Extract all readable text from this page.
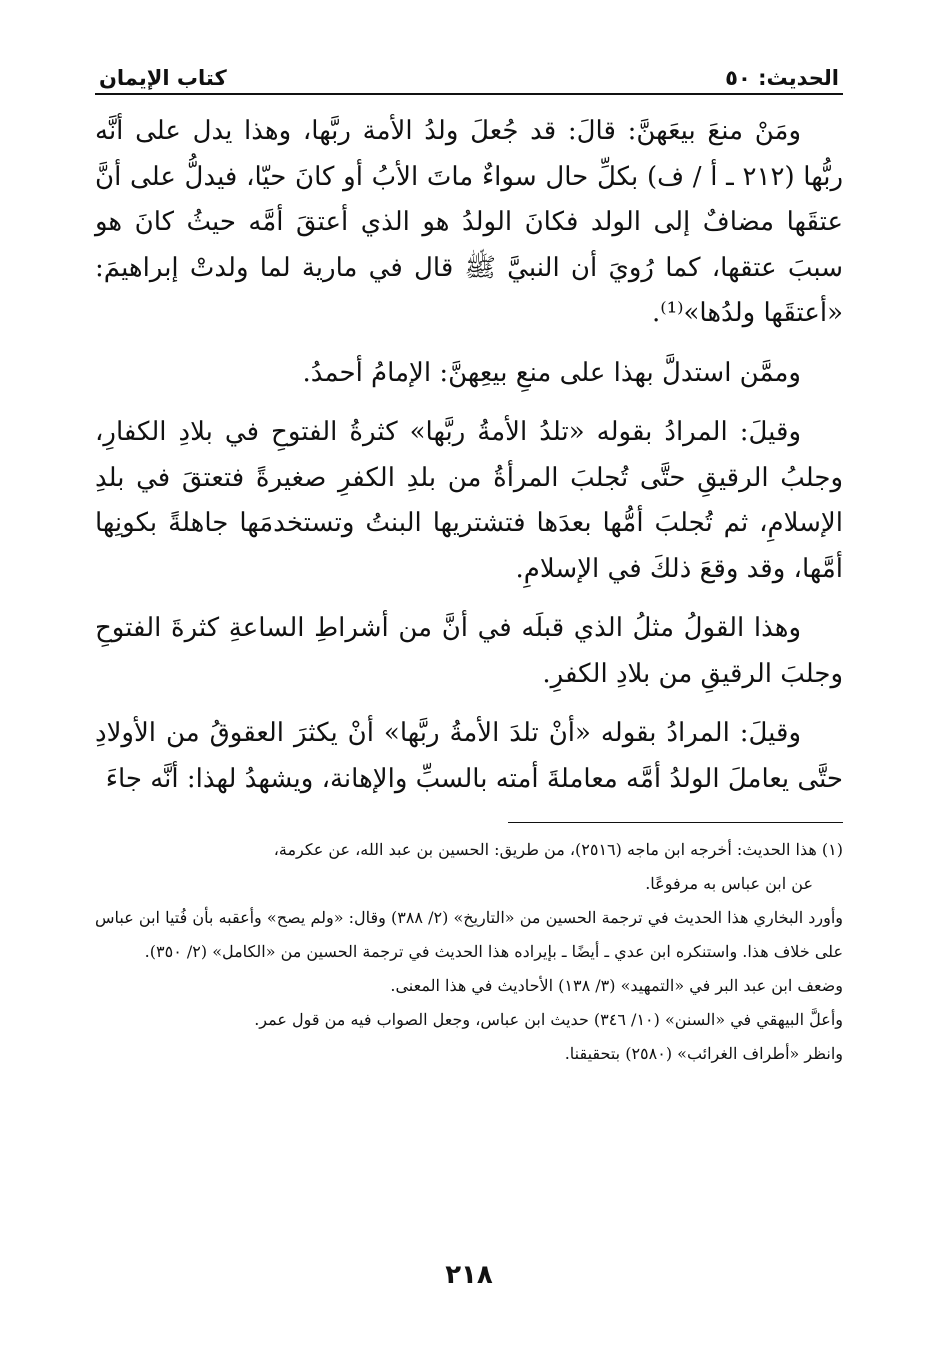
الحديث: ٥٠
كتاب الإيمان

ومَنْ منعَ بيعَهنَّ: قالَ: قد جُعلَ ولدُ الأمة ربَّها، وهذا يدل على أنَّه ربُّها (٢١٢ ـ أ / ف) بكلِّ حال سواءٌ ماتَ الأبُ أو كانَ حيّا، فيدلُّ على أنَّ عتقَها مضافٌ إلى الولد فكانَ الولدُ هو الذي أعتقَ أمَّه حيثُ كانَ هو سببَ عتقها، كما رُويَ أن النبيَّ ﷺ قال في مارية لما ولدتْ إبراهيمَ: «أعتقَها ولدُها»⁽¹⁾.

وممَّن استدلَّ بهذا على منعِ بيعِهنَّ: الإمامُ أحمدُ.

وقيلَ: المرادُ بقوله «تلدُ الأمةُ ربَّها» كثرةُ الفتوحِ في بلادِ الكفارِ، وجلبُ الرقيقِ حتَّى تُجلبَ المرأةُ من بلدِ الكفرِ صغيرةً فتعتقَ في بلدِ الإسلامِ، ثم تُجلبَ أمُّها بعدَها فتشتريها البنتُ وتستخدمَها جاهلةً بكونِها أمَّها، وقد وقعَ ذلكَ في الإسلامِ.

وهذا القولُ مثلُ الذي قبلَه في أنَّ من أشراطِ الساعةِ كثرةَ الفتوحِ وجلبَ الرقيقِ من بلادِ الكفرِ.

وقيلَ: المرادُ بقوله «أنْ تلدَ الأمةُ ربَّها» أنْ يكثرَ العقوقُ من الأولادِ حتَّى يعاملَ الولدُ أمَّه معاملةَ أمته بالسبِّ والإهانة، ويشهدُ لهذا: أنَّه جاءَ

(١) هذا الحديث: أخرجه ابن ماجه (٢٥١٦)، من طريق: الحسين بن عبد الله، عن عكرمة،

عن ابن عباس به مرفوعًا.

وأورد البخاري هذا الحديث في ترجمة الحسين من «التاريخ» (٢/ ٣٨٨) وقال: «ولم يصح» وأعقبه بأن فُتيا ابن عباس على خلاف هذا. واستنكره ابن عدي ـ أيضًا ـ بإيراده هذا الحديث في ترجمة الحسين من «الكامل» (٢/ ٣٥٠).

وضعف ابن عبد البر في «التمهيد» (٣/ ١٣٨) الأحاديث في هذا المعنى.

وأعلَّ البيهقي في «السنن» (١٠/ ٣٤٦) حديث ابن عباس، وجعل الصواب فيه من قول عمر.

وانظر «أطراف الغرائب» (٢٥٨٠) بتحقيقنا.

٢١٨
